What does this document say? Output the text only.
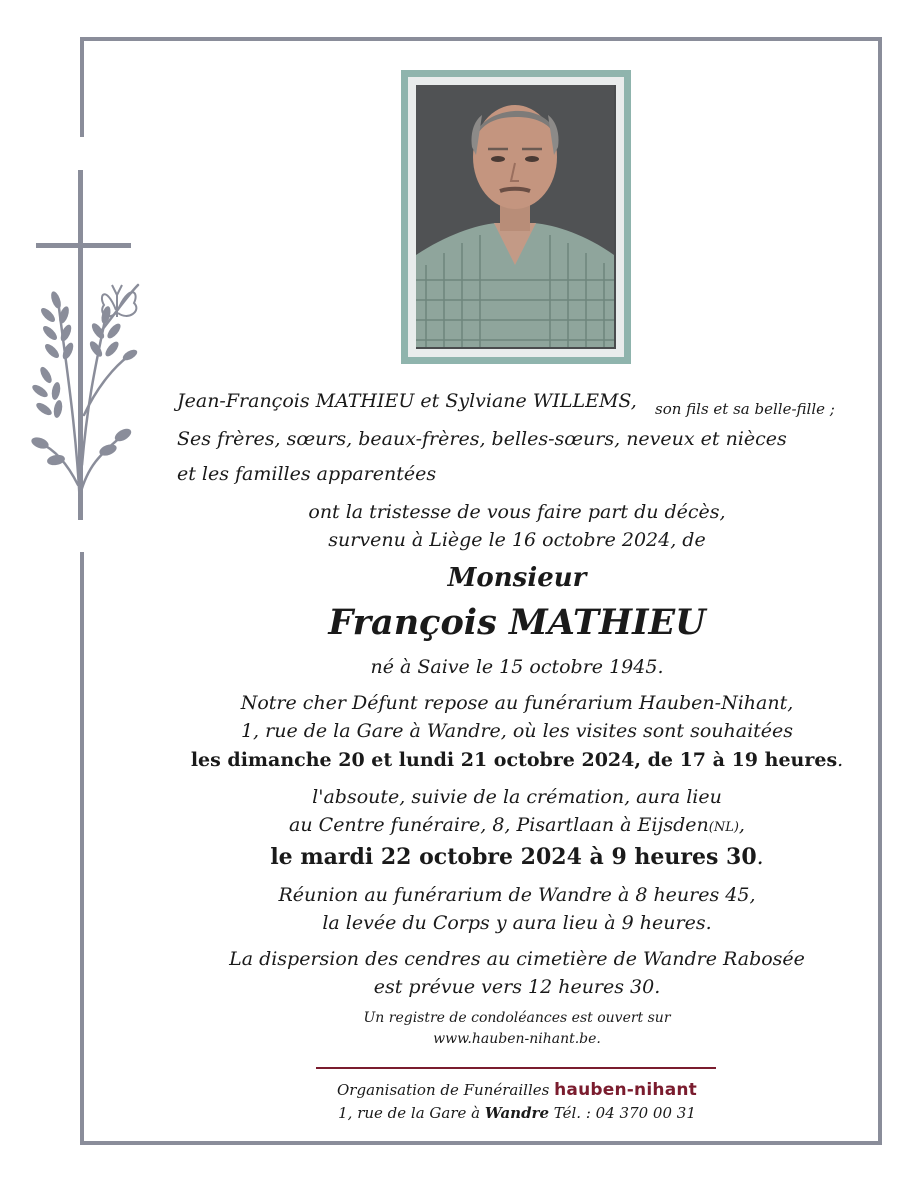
Jean-François MATHIEU et Sylviane WILLEMS, son fils et sa belle-fille ;
Ses frères, sœurs, beaux-frères, belles-sœurs, neveux et nièces
et les familles apparentées
ont la tristesse de vous faire part du décès,
survenu à Liège le 16 octobre 2024, de
Monsieur
François MATHIEU
né à Saive le 15 octobre 1945.
Notre cher Défunt repose au funérarium Hauben-Nihant,
1, rue de la Gare à Wandre, où les visites sont souhaitées
les dimanche 20 et lundi 21 octobre 2024, de 17 à 19 heures.
l'absoute, suivie de la crémation, aura lieu
au Centre funéraire, 8, Pisartlaan à Eijsden(NL),
le mardi 22 octobre 2024 à 9 heures 30.
Réunion au funérarium de Wandre à 8 heures 45,
la levée du Corps y aura lieu à 9 heures.
La dispersion des cendres au cimetière de Wandre Rabosée
est prévue vers 12 heures 30.
Un registre de condoléances est ouvert sur
www.hauben-nihant.be.
Organisation de Funérailles hauben-nihant
1, rue de la Gare à Wandre Tél. : 04 370 00 31
